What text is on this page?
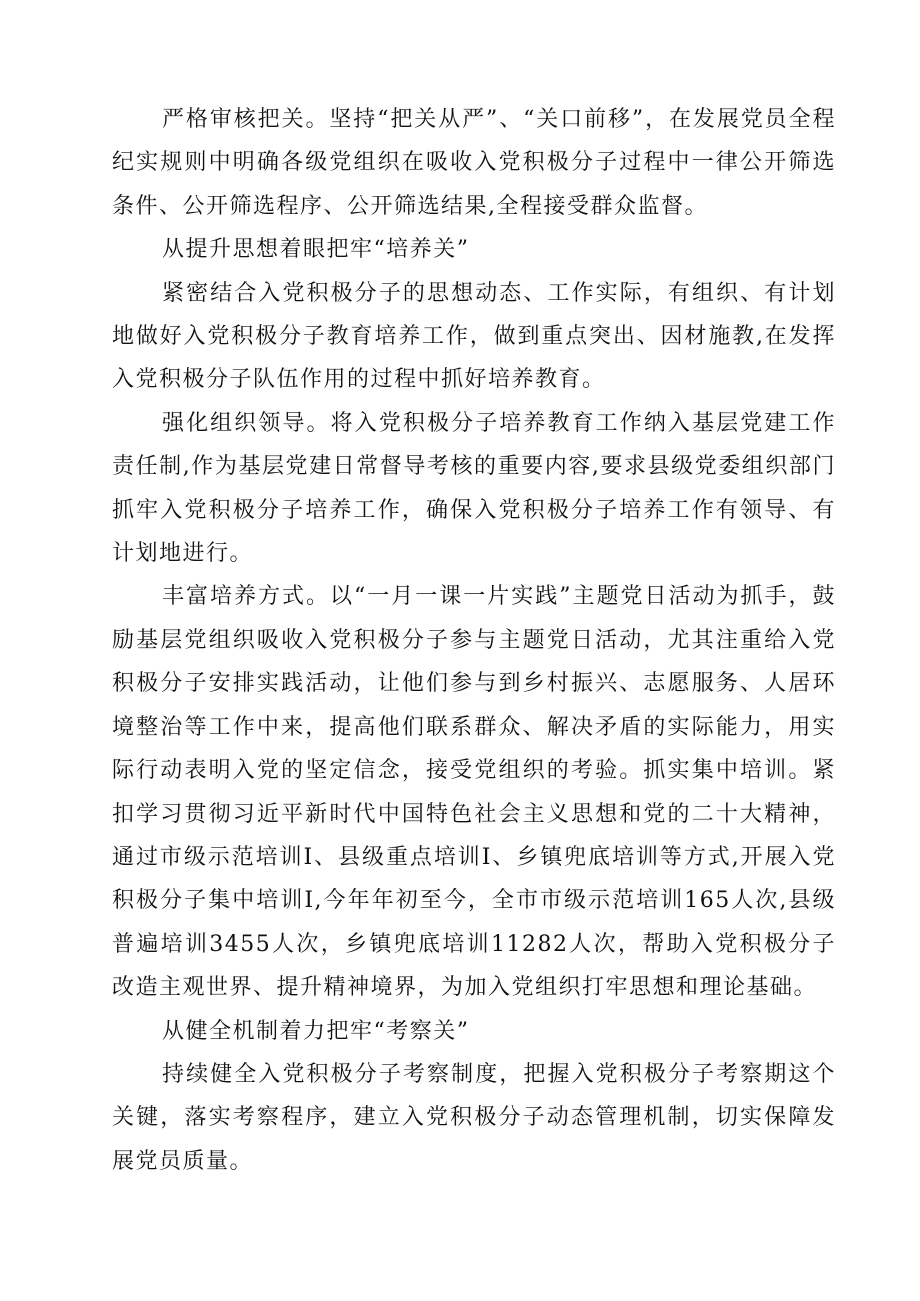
严格审核把关。坚持“把关从严”、“关口前移”，在发展党员全程纪实规则中明确各级党组织在吸收入党积极分子过程中一律公开筛选条件、公开筛选程序、公开筛选结果,全程接受群众监督。

从提升思想着眼把牢“培养关”

紧密结合入党积极分子的思想动态、工作实际，有组织、有计划地做好入党积极分子教育培养工作，做到重点突出、因材施教,在发挥入党积极分子队伍作用的过程中抓好培养教育。

强化组织领导。将入党积极分子培养教育工作纳入基层党建工作责任制,作为基层党建日常督导考核的重要内容,要求县级党委组织部门抓牢入党积极分子培养工作，确保入党积极分子培养工作有领导、有计划地进行。

丰富培养方式。以“一月一课一片实践”主题党日活动为抓手，鼓励基层党组织吸收入党积极分子参与主题党日活动，尤其注重给入党积极分子安排实践活动，让他们参与到乡村振兴、志愿服务、人居环境整治等工作中来，提高他们联系群众、解决矛盾的实际能力，用实际行动表明入党的坚定信念，接受党组织的考验。抓实集中培训。紧扣学习贯彻习近平新时代中国特色社会主义思想和党的二十大精神，通过市级示范培训I、县级重点培训I、乡镇兜底培训等方式,开展入党积极分子集中培训I,今年年初至今，全市市级示范培训165人次,县级普遍培训3455人次，乡镇兜底培训11282人次，帮助入党积极分子改造主观世界、提升精神境界，为加入党组织打牢思想和理论基础。

从健全机制着力把牢“考察关”

持续健全入党积极分子考察制度，把握入党积极分子考察期这个关键，落实考察程序，建立入党积极分子动态管理机制，切实保障发展党员质量。
